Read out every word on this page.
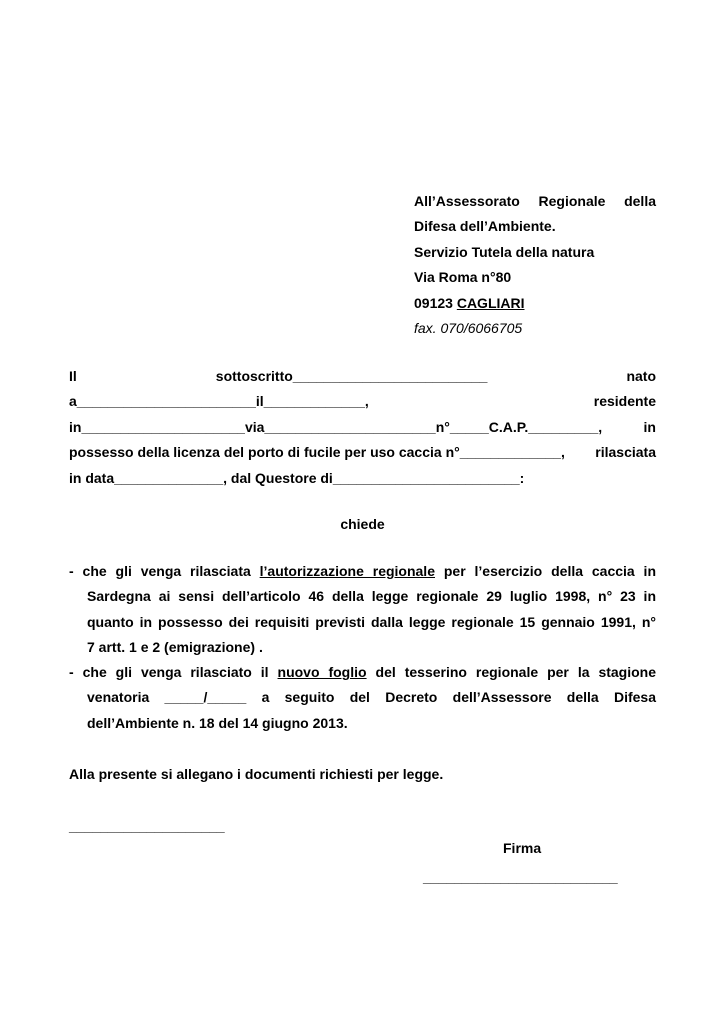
All’Assessorato Regionale della
Difesa dell’Ambiente.
Servizio Tutela della natura
Via Roma n°80
09123 CAGLIARI
fax. 070/6066705
Il	sottoscritto_________________________	nato
a_______________________il_____________,	residente
in_____________________via______________________n°_____C.A.P._________,	in
possesso della licenza del porto di fucile per uso caccia n°_____________, rilasciata
in data______________, dal Questore di________________________:
chiede
- che gli venga rilasciata l’autorizzazione regionale per l’esercizio della caccia in
Sardegna ai sensi dell’articolo 46 della legge regionale 29 luglio 1998, n° 23 in
quanto in possesso dei requisiti previsti dalla legge regionale 15 gennaio 1991, n°
7 artt. 1 e 2 (emigrazione) .
- che gli venga rilasciato il nuovo foglio del tesserino regionale per la stagione
venatoria _____/_____ a seguito del Decreto dell’Assessore della Difesa
dell’Ambiente n. 18 del 14 giugno 2013.
Alla presente si allegano i documenti richiesti per legge.
____________________
Firma
_________________________
